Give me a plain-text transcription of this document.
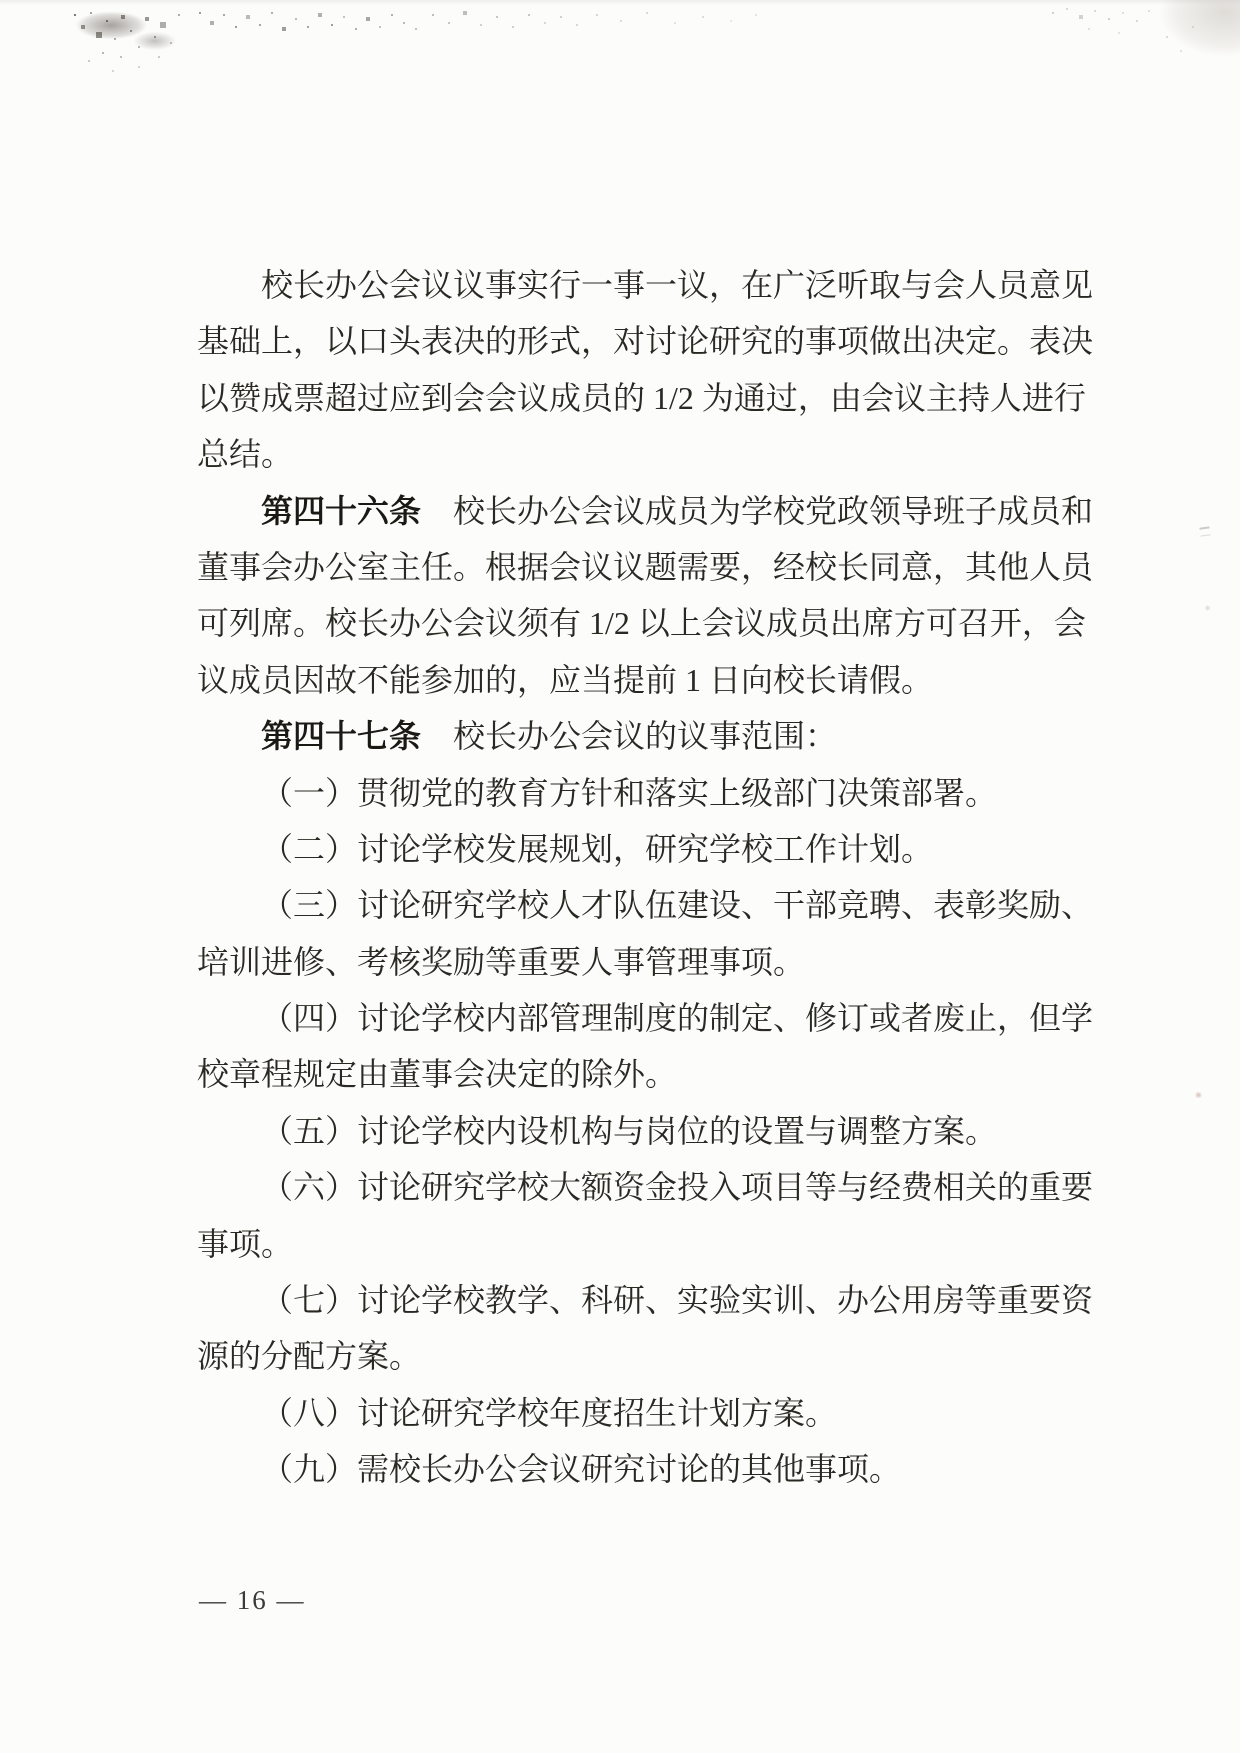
校长办公会议议事实行一事一议，在广泛听取与会人员意见
基础上，以口头表决的形式，对讨论研究的事项做出决定。表决
以赞成票超过应到会会议成员的 1/2 为通过，由会议主持人进行
总结。
第四十六条　校长办公会议成员为学校党政领导班子成员和
董事会办公室主任。根据会议议题需要，经校长同意，其他人员
可列席。校长办公会议须有 1/2 以上会议成员出席方可召开，会
议成员因故不能参加的，应当提前 1 日向校长请假。
第四十七条　校长办公会议的议事范围：
（一）贯彻党的教育方针和落实上级部门决策部署。
（二）讨论学校发展规划，研究学校工作计划。
（三）讨论研究学校人才队伍建设、干部竞聘、表彰奖励、
培训进修、考核奖励等重要人事管理事项。
（四）讨论学校内部管理制度的制定、修订或者废止，但学
校章程规定由董事会决定的除外。
（五）讨论学校内设机构与岗位的设置与调整方案。
（六）讨论研究学校大额资金投入项目等与经费相关的重要
事项。
（七）讨论学校教学、科研、实验实训、办公用房等重要资
源的分配方案。
（八）讨论研究学校年度招生计划方案。
（九）需校长办公会议研究讨论的其他事项。
— 16 —
